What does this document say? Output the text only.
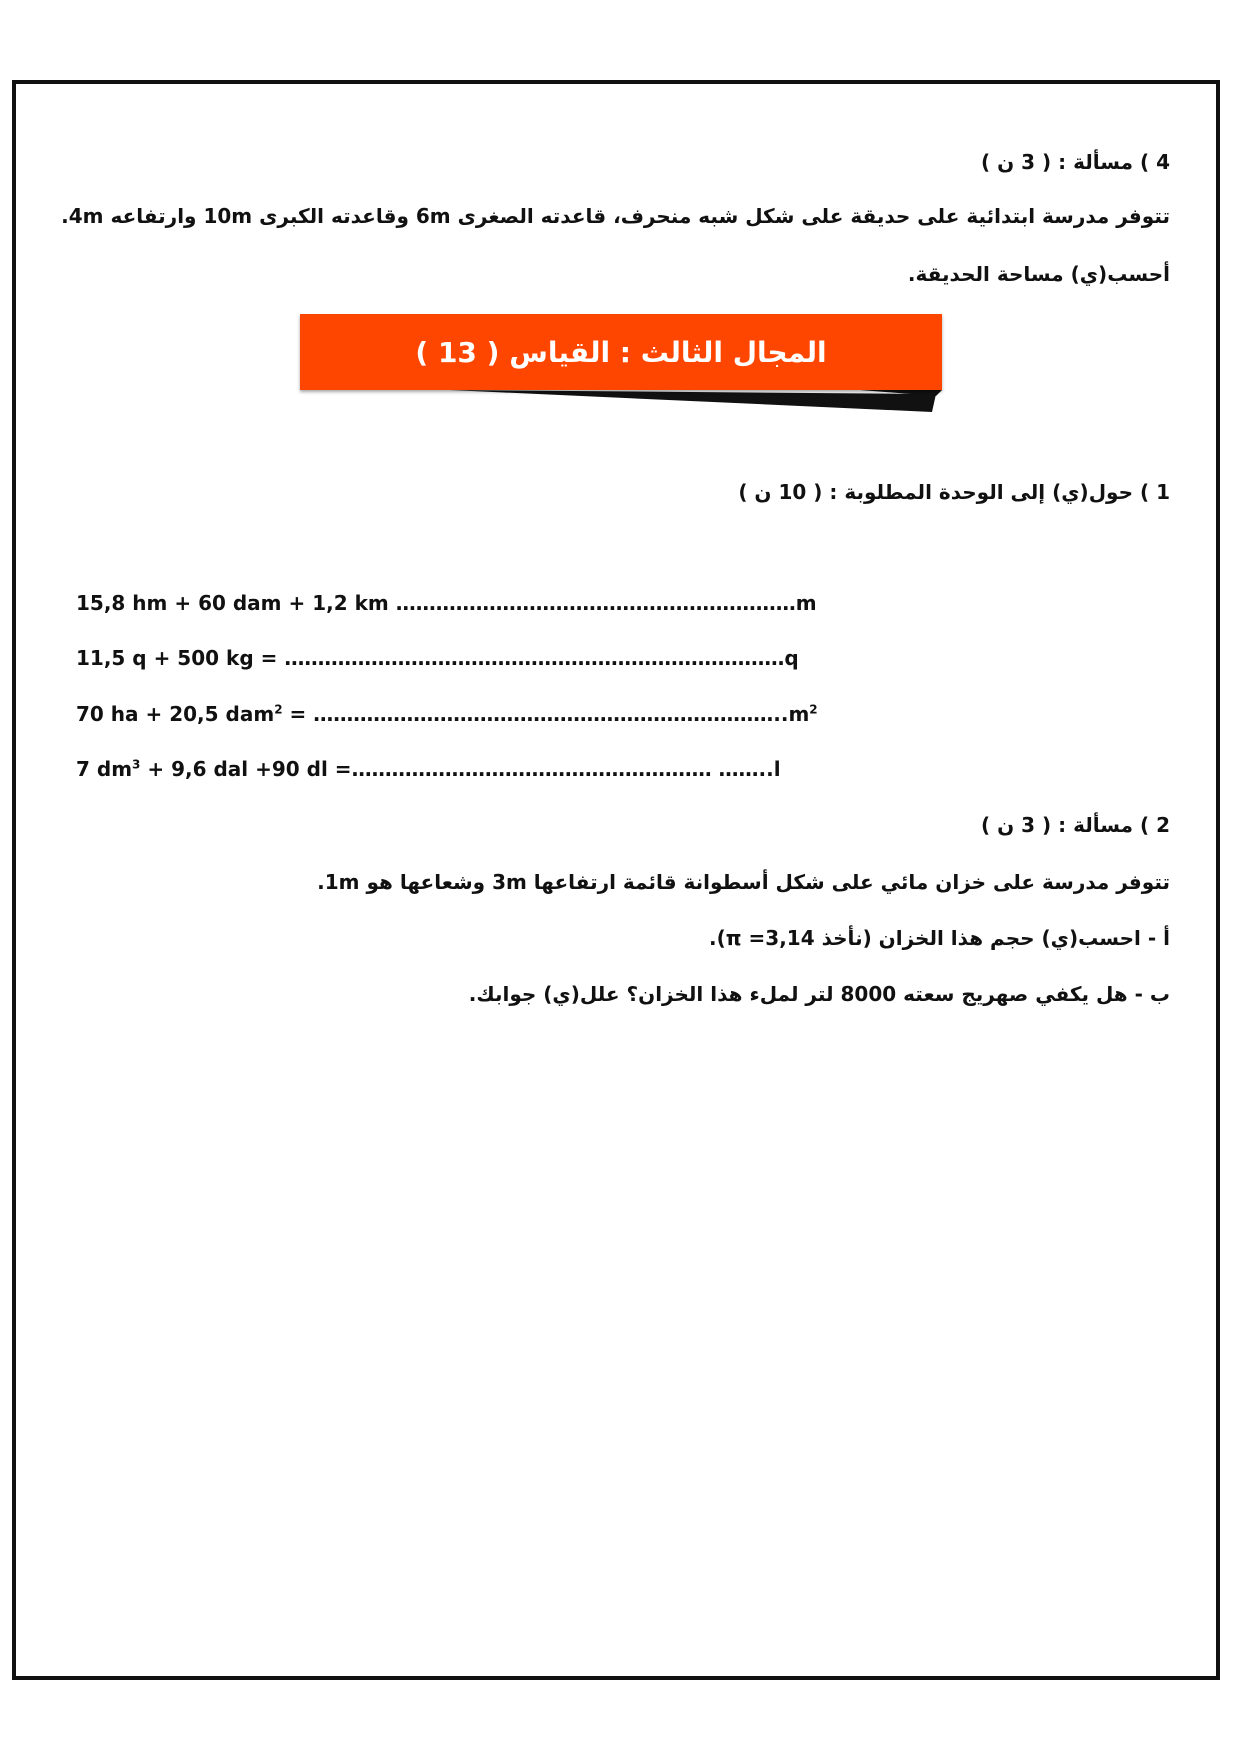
4 ) مسألة : ( 3 ن )
تتوفر مدرسة ابتدائية على حديقة على شكل شبه منحرف، قاعدته الصغرى 6m وقاعدته الكبرى 10m وارتفاعه 4m.
أحسب(ي) مساحة الحديقة.
المجال الثالث : القياس ( 13 )
1 ) حول(ي) إلى الوحدة المطلوبة : ( 10 ن )
15,8 hm + 60 dam + 1,2 km ……………………………………………………m
11,5 q + 500 kg = …………………………………………………………………q
70 ha + 20,5 $dam^2 = \dots\dots\dots\dots\dots\dots\dots\dots\dots\dots\dots\dots\dots\dots\dots\dots\dots\dots\dots\dots\dots\dots\dots..m^2$
7 $dm^3 + 9,6$ dal +90 dl =……………………………………………… ……..l
2 ) مسألة : ( 3 ن )
تتوفر مدرسة على خزان مائي على شكل أسطوانة قائمة ارتفاعها 3m وشعاعها هو 1m.
أ - احسب(ي) حجم هذا الخزان (نأخذ π =3,14).
ب - هل يكفي صهريج سعته 8000 لتر لملء هذا الخزان؟ علل(ي) جوابك.
